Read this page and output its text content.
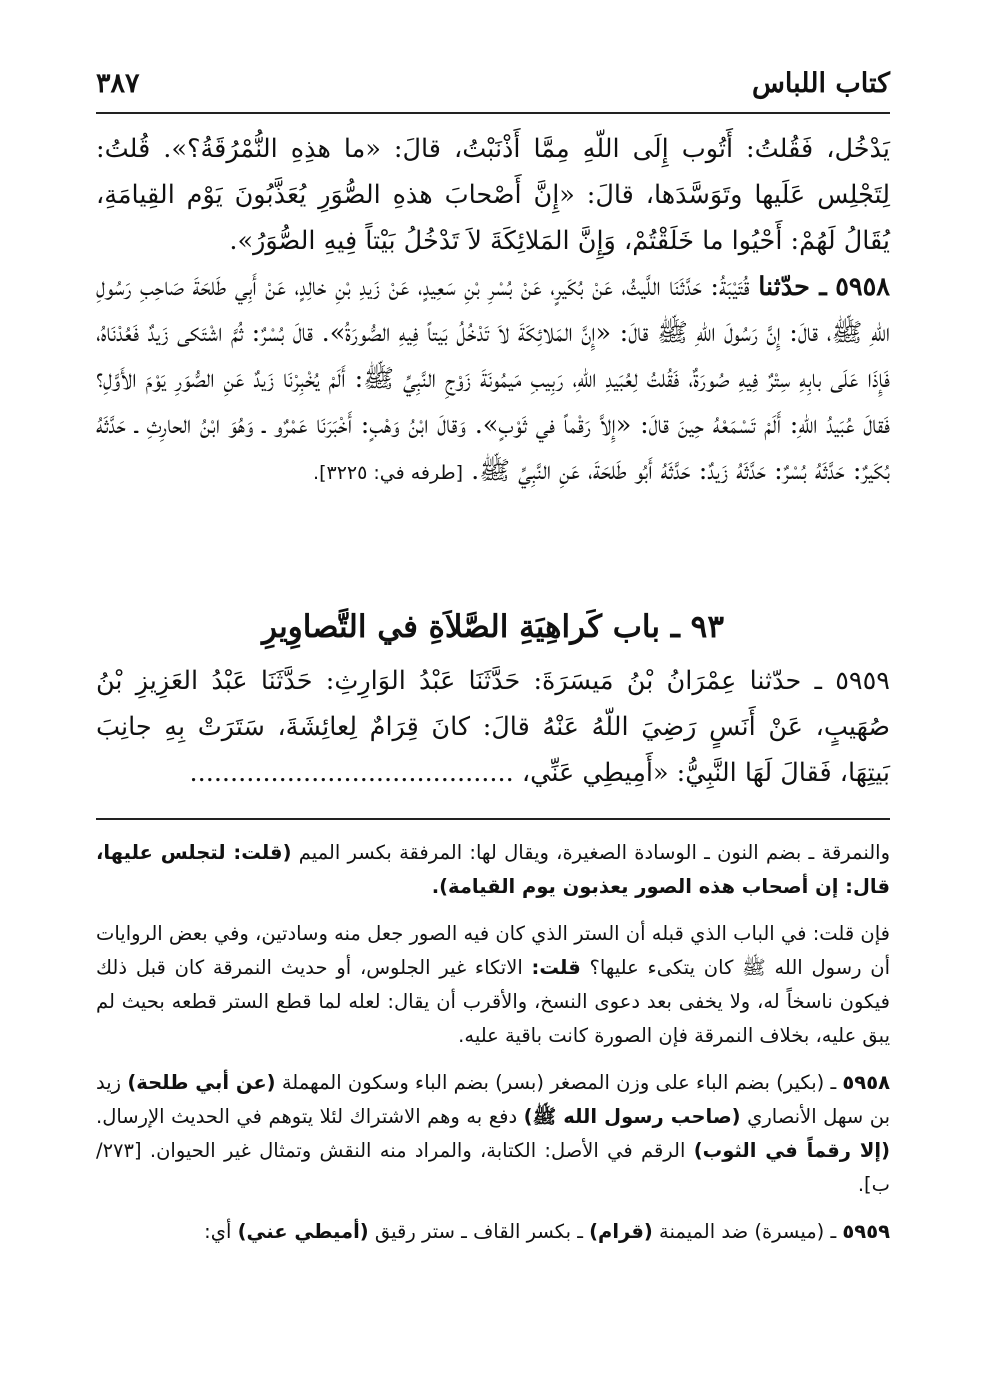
كتاب اللباس
٣٨٧

يَدْخُل، فَقُلتُ: أَتُوب إِلَى اللّهِ مِمَّا أَذْنَبْتُ، قالَ: «ما هذِهِ النُّمْرُقَةُ؟». قُلتُ: لِتَجْلِس عَلَيها وتَوَسَّدَها، قالَ: «إِنَّ أَصْحابَ هذهِ الصُّوَرِ يُعَذَّبُونَ يَوْم القِيامَةِ، يُقَالُ لَهُمْ: أَحْيُوا ما خَلَقْتُمْ، وَإِنَّ المَلائِكَةَ لاَ تَدْخُلُ بَيْتاً فِيهِ الصُّوَرُ».

٥٩٥٨ ـ حدّثنا قُتَيْبَةُ: حَدَّثَنَا اللَّيثُ، عَنْ بُكَيرٍ، عَنْ بُسْرِ بْنِ سَعِيدٍ، عَنْ زَيدِ بْنِ خالِدٍ، عَنْ أَبِي طَلحَةَ صَاحِبِ رَسُولِ اللّهِ ﷺ، قالَ: إِنَّ رَسُولَ اللّهِ ﷺ قالَ: «إِنَّ المَلائِكَةَ لاَ تَدْخُلُ بَيتاً فِيهِ الصُّورَةُ». قالَ بُسْرٌ: ثُمَّ اشْتَكى زَيدٌ فَعُدْنَاهُ، فَإِذَا عَلَى بابِهِ سِتْرٌ فِيهِ صُورَةٌ، فَقُلتُ لِعُبَيدِ اللّهِ، رَبِيبِ مَيمُونَةَ زَوْجِ النَّبِيِّ ﷺ: أَلَمْ يُخْبِرْنَا زَيدٌ عَنِ الصُّوَرِ يَوْمَ الأَوَّلِ؟ فَقالَ عُبَيدُ اللّهِ: أَلَمْ تَسْمَعْهُ حِينَ قالَ: «إِلاَّ رَقْماً في ثَوْبٍ». وَقالَ ابْنُ وَهْبٍ: أَخْبَرَنَا عَمْرٌو ـ وَهُوَ ابْنُ الحارِثِ ـ حَدَّثَهُ بُكَيرٌ: حَدَّثَهُ بُسْرٌ: حَدَّثَهُ زَيدٌ: حَدَّثَهُ أَبُو طَلحَةَ، عَنِ النَّبِيِّ ﷺ. [طرفه في: ٣٢٢٥].

٩٣ ـ باب كَراهِيَةِ الصَّلاَةِ في التَّصاوِيرِ

٥٩٥٩ ـ حدّثنا عِمْرَانُ بْنُ مَيسَرَةَ: حَدَّثَنَا عَبْدُ الوَارِثِ: حَدَّثَنَا عَبْدُ العَزِيزِ بْنُ صُهَيبٍ، عَنْ أَنَسٍ رَضِيَ اللّهُ عَنْهُ قالَ: كانَ قِرَامٌ لِعائِشَةَ، سَتَرَتْ بِهِ جانِبَ بَيتِهَا، فَقالَ لَهَا النَّبِيُّ: «أَمِيطِي عَنِّي، ........................................

والنمرقة ـ بضم النون ـ الوسادة الصغيرة، ويقال لها: المرفقة بكسر الميم (قلت: لتجلس عليها، قال: إن أصحاب هذه الصور يعذبون يوم القيامة).

فإن قلت: في الباب الذي قبله أن الستر الذي كان فيه الصور جعل منه وسادتين، وفي بعض الروايات أن رسول الله ﷺ كان يتكىء عليها؟ قلت: الاتكاء غير الجلوس، أو حديث النمرقة كان قبل ذلك فيكون ناسخاً له، ولا يخفى بعد دعوى النسخ، والأقرب أن يقال: لعله لما قطع الستر قطعه بحيث لم يبق عليه، بخلاف النمرقة فإن الصورة كانت باقية عليه.

٥٩٥٨ ـ (بكير) بضم الباء على وزن المصغر (بسر) بضم الباء وسكون المهملة (عن أبي طلحة) زيد بن سهل الأنصاري (صاحب رسول الله ﷺ) دفع به وهم الاشتراك لئلا يتوهم في الحديث الإرسال. (إلا رقماً في الثوب) الرقم في الأصل: الكتابة، والمراد منه النقش وتمثال غير الحيوان. [٢٧٣/ب].

٥٩٥٩ ـ (ميسرة) ضد الميمنة (قرام) ـ بكسر القاف ـ ستر رقيق (أميطي عني) أي:
